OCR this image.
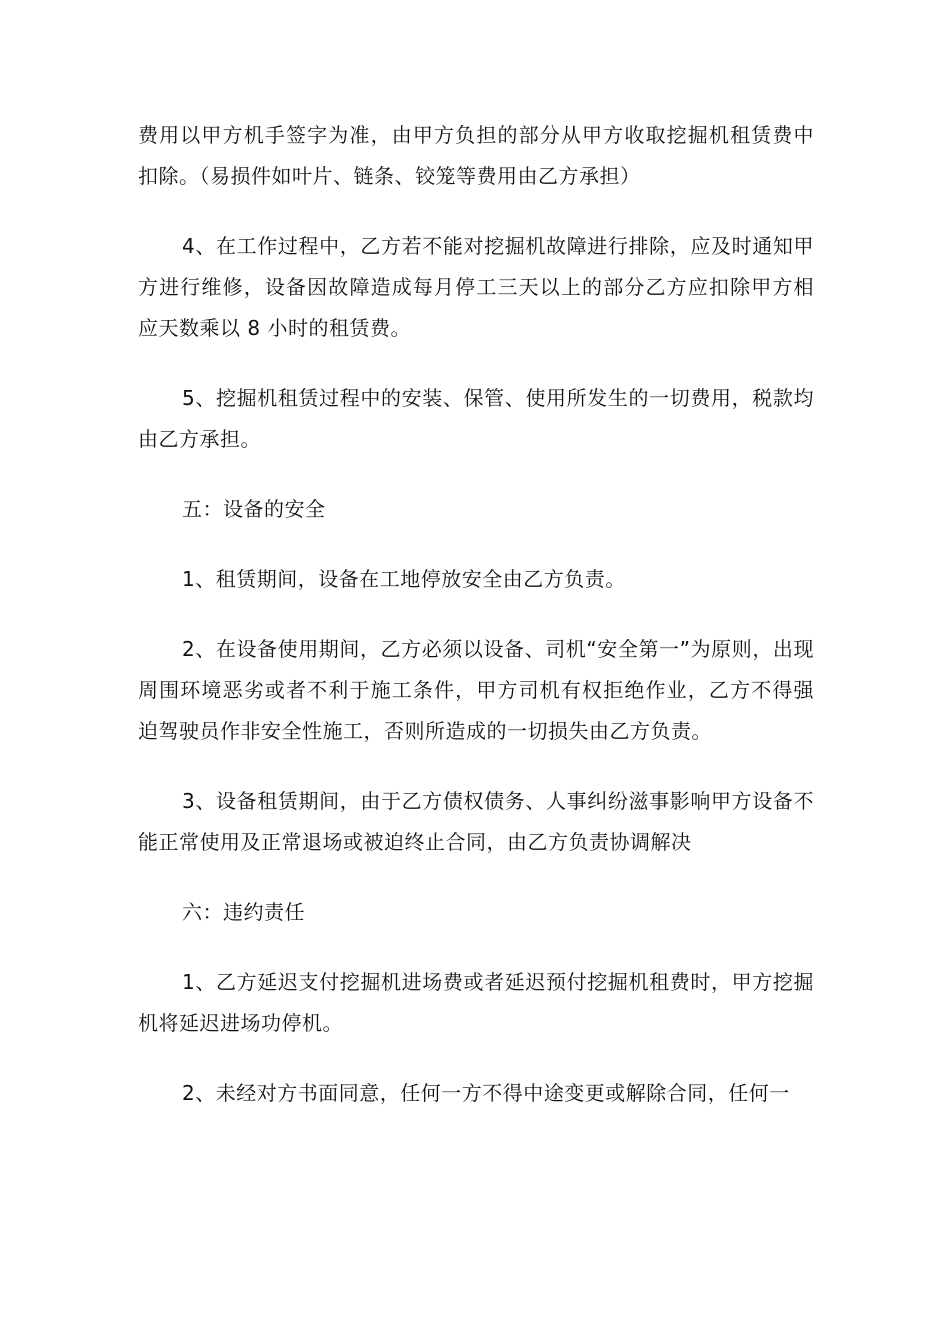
费用以甲方机手签字为准，由甲方负担的部分从甲方收取挖掘机租赁费中扣除。（易损件如叶片、链条、铰笼等费用由乙方承担）

4、在工作过程中，乙方若不能对挖掘机故障进行排除，应及时通知甲方进行维修，设备因故障造成每月停工三天以上的部分乙方应扣除甲方相应天数乘以 8 小时的租赁费。

5、挖掘机租赁过程中的安装、保管、使用所发生的一切费用，税款均由乙方承担。

五：设备的安全

1、租赁期间，设备在工地停放安全由乙方负责。

2、在设备使用期间，乙方必须以设备、司机“安全第一”为原则，出现周围环境恶劣或者不利于施工条件，甲方司机有权拒绝作业，乙方不得强迫驾驶员作非安全性施工，否则所造成的一切损失由乙方负责。

3、设备租赁期间，由于乙方债权债务、人事纠纷滋事影响甲方设备不能正常使用及正常退场或被迫终止合同，由乙方负责协调解决

六：违约责任

1、乙方延迟支付挖掘机进场费或者延迟预付挖掘机租费时，甲方挖掘机将延迟进场功停机。

2、未经对方书面同意，任何一方不得中途变更或解除合同，任何一
